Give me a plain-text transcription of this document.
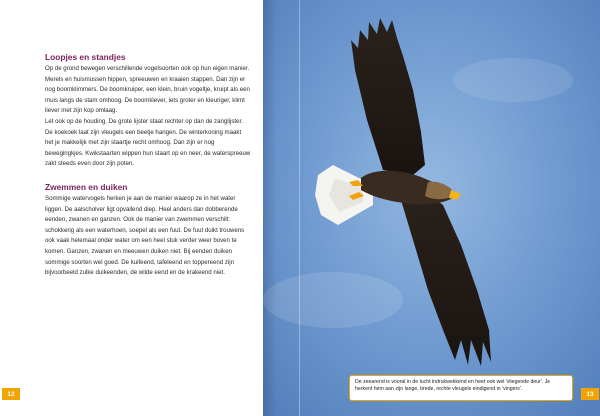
Loopjes en standjes

Op de grond bewegen verschillende vogelsoorten ook op hun eigen manier. Merels en huismussen hippen, spreeuwen en kraaien stappen. Dan zijn er nog boomklimmers. De boomkruiper, een klein, bruin vogeltje, kruipt als een muis langs de stam omhoog. De boomklever, iets groter en kleuriger, klimt liever met zijn kop omlaag.
Let ook op de houding. De grote lijster staat rechter op dan de zanglijster. De koekoek laat zijn vleugels een beetje hangen. De winterkoning maakt het je makkelijk met zijn staartje recht omhoog. Dan zijn er nog bewegingkjes. Kwikstaarten wippen hun staart op en neer, de waterspreeuw zakt steeds even door zijn poten.

Zwemmen en duiken

Sommige watervogels herken je aan de manier waarop ze in het water liggen. De aalscholver ligt opvallend diep. Heel anders dan dobberende eenden, zwanen en ganzen. Ook de manier van zwemmen verschilt: schokkerig als een waterhoen, soepel als een fuut. De fuut duikt trouwens ook vaak helemaal onder water om een heel stuk verder weer boven te komen. Ganzen, zwanen en meeuwen duiken niet. Bij eenden duiken sommige soorten wel goed. De kuifeend, tafeleend en toppereend zijn bijvoorbeeld zulke duikeenden, de wilde eend en de krakeend niet.

12
De zeearend is vooral in de lucht indrukwekkend en heet ook wel 'vliegende deur'. Je herkent hem aan zijn lange, brede, rechte vleugels eindigend in 'vingers'.
13
